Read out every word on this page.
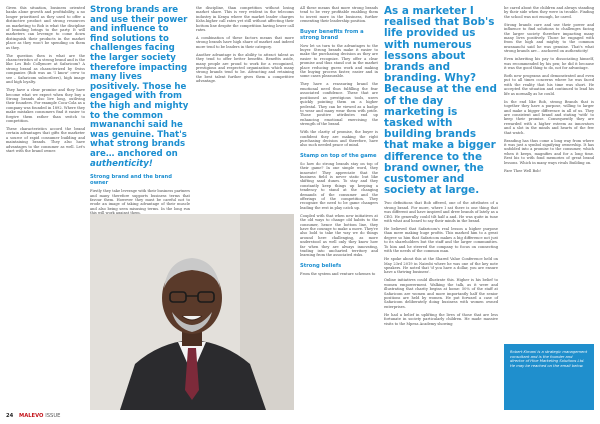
Given this situation, business oriented banks alone growth and profitability, a no longer prioritized as they used to offer a distinctive product and strong resources on marketing to Bob is what the discipline of branding brings to the party. It will marketers can leverage to come down distinguish their products in the market place as they won't be spending on them as they.

The question then is what are the characteristics of a strong brand and is the like Les Bob Collymore at Safaricom? A strong brand as characterized by Swiss companies (Bob was an 'I know' crew to see – Safaricom subscribers), high image and high loyalty.

They have a clear promise and they have become what we expect when they buy a Strong brands also live long, outliving their founders. For example Coca-Cola as a company was founded in 1892. Where they make mistakes consumers find it easier to forgive them rather than switch to competition.

These characteristics accord the brand certain advantages that gifts the marketer a source of rapid consumer building and maintaining brands. They also have advantages to the consumer as well. Let's start with the brand owner.

Strong brands are and use their power and influence to find solutions to challenges facing the larger society therefore impacting many lives positively. Those he engaged with from the high and mighty to the common mwananchi said he was genuine. That's what strong brands are… anchored on authenticity!
Strong brand and the brand owner

Firstly they take leverage with their business partners and many therefore supports business terms that favour them. However they must be careful not to erode an image of taking advantage of their muscle and also being seen misusing terms. In the long run

the discipline, than competition without losing market share. This is very evident in the telecoms industry in Kenya where the market leader charges Kshs.higher call rates yet still without affecting their bottom line despite the competition having lower call rates.

A combination of these factors means that more strong brands have high share of market and indeed more tend to be leaders in their category.

Another advantage is the ability to attract talent as they tend to offer better benefits. Benefits aside, many people are proud to work for a recognized, prestigious and respected organization which many strong brands tend to be. Attracting and retaining the best talent further gives them a competitive advantage.

All these means that more strong brands tend to be very profitable enabling them to invest more in the business, further cementing their leadership position.

Buyer benefits from a strong brand

Now let us turn to the advantages to the buyer. Strong brands make it easier to make the purchasing decision as they are easier to recognize. They offer a clear promise and thus stand out in the market place reducing guess work and making the buying process faster, easier and in some cases pleasurable.

They have a reassuring brand the emotional need thus fulfilling the fear associated confidence. These that are positioned as prestigious tools, users quickly pointing them on a higher pedestal. They can be viewed as a badge to wear and many wear them with pride. Those positive attributes end up enhancing emotional exercising the strength of the brand.

With the clarity of promise, the buyer is confident they are making the right purchasing decision and therefore, have also such needed peace of mind.

Stamp on top of the game

So how do strong brands stay on top of their game? In one simple word, they innovate! They appreciate that the business field is never static but like shifting sand dunes. To stay and they constantly keep things up keeping a tendency to stand at the changing demands of the consumer and the offerings of the competition. They recognize the need to be game changers leading the rest in play catch up.

Coupled with that when new initiatives at the old ways to change old habits to the consumer, hence the bottom line, they have the courage to make a move. They're also bold to take the way we do things around here challenging, as more understood as well only they know how far when they are always innovating, trading into uncharted territory and learning from the associated risks.

Strong beliefs

From the system and venture schemes to

As a marketer I realised that Bob's life provided us with numerous lessons about brands and branding. Why? Because at the end of the day marketing is tasked with building brands that make a bigger difference to the brand owner, the customer and society at large.

Two definitions that Bob offered, one of the attributes of a strong brand. For more, where I sat there is one thing that was different and have inspired and drew brands of lately as a CEO. He generally could tilt half a and. He was quite in tune with what and heard to say their minds in the brand.

He believed that Safaricom's real lesson a higher purpose than mere making huge profits. This marked him to a great degree so him that Safaricom makes a big difference not just to its shareholders but the staff and the larger communities. To him and he steered the company to focus on connecting with the needs of the common man.

He spoke about this at the Shared Value Conference held on May 23rd 2019 in Nairobi where he was one of the key note speakers. He noted that 'if you have a dollar, you are ensure have a thriving business'.

Online initiatives could illustrate this. Higher is his belief to women empowerment. Walking the talk, as it were and illustrating that charity begins at home: 50% of the staff at Safaricom are women and more importantly half the senior positions are held by women. He put forward a case of Safaricom deliberately doing business with women owned enterprises.

He had a belief in uplifting the lives of those that are less fortunate in society particularly children. He made massive visits to the Mpesa Academy showing

he cared about the children and always standing by their side when they were in trouble. Finding the school was not enough, he cared.

Strong brands care and use their power and influence to find solutions to challenges facing the larger society therefore impacting many many lives positively. Those he engaged with from the high and mighty to the common mwananchi said he was genuine. That's what strong brands are… anchored on authenticity!

Even inheriting his pay to dissociating himself, was recommended by his pen; he did it because it was the good thing to do, not for advantage.

Both new programs and demonstrated and even put to all times concerns where he was faced with the reality that his time was short. He accepted the situation and continued to lead his life as normally as he could.

In the end like Bob, strong Brands that is together they have a purpose, willing to larger and make a bigger difference in all of us. They are consistent and brand and stating 'with' to keep their promise. Consequently they are rewarded with a higher esteem as innovators and a slot in the minds and hearts of the few that watch.

Branding has thus come a long way from where it was just a symbol signifying ownership. It has unfolded into a promise to the consumer, which when it keeps, magnifies and for a long time. Rest his to with fond memories of great brand lessons. Which in many ways rivals Building on.

Fare Thee Well Bob!

Robert Kimani is a strategic management consultant and is the founder and director of Hive Marketing Solutions Ltd. He may be reached on the email below.
24 MALEVO ISSUE
